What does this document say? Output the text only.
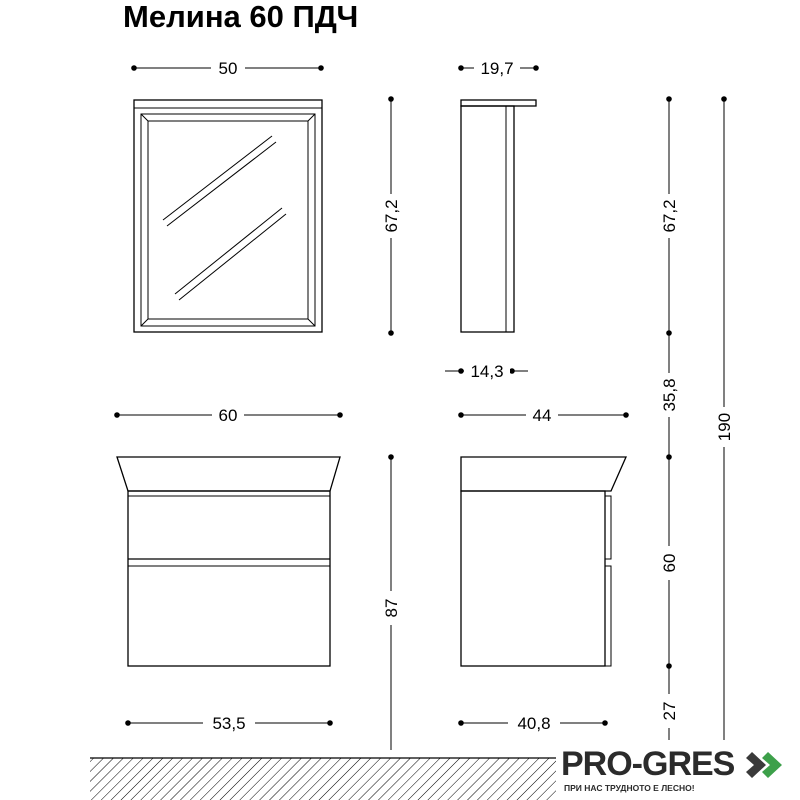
Мелина 60 ПДЧ
50	19,7
67,2	67,2
14,3
35,8
190
60	44
87
60
53,5	40,8
27
PRO-GRES
ПРИ НАС ТРУДНОТО Е ЛЕСНО!
